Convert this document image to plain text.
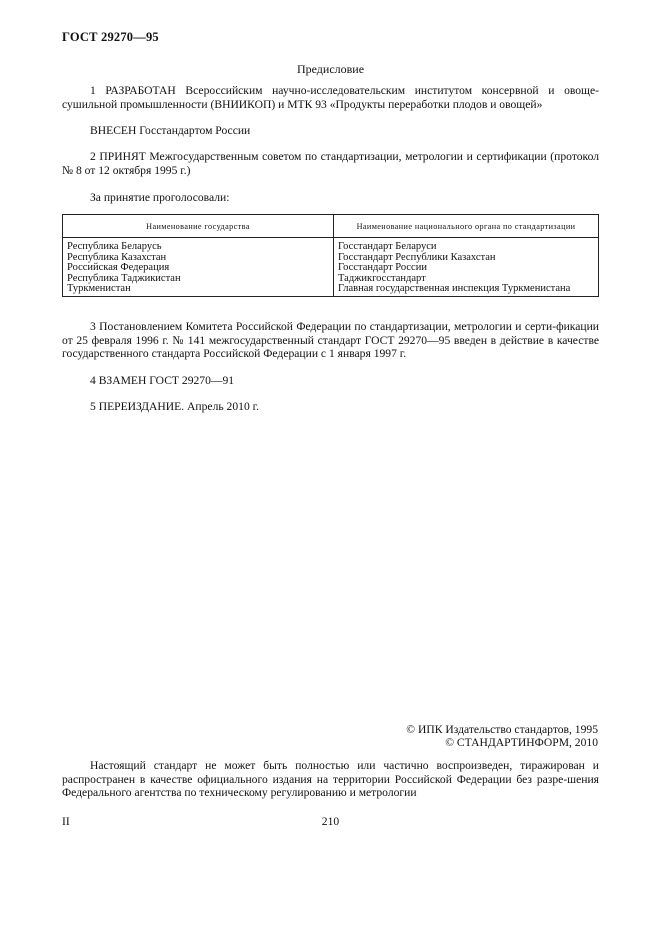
ГОСТ 29270—95
Предисловие
1 РАЗРАБОТАН Всероссийским научно-исследовательским институтом консервной и овоще-сушильной промышленности (ВНИИКОП) и МТК 93 «Продукты переработки плодов и овощей»
ВНЕСЕН Госстандартом России
2 ПРИНЯТ Межгосударственным советом по стандартизации, метрологии и сертификации (протокол № 8 от 12 октября 1995 г.)
За принятие проголосовали:
Наименование государства	Наименование национального органа по стандартизации
Республика Беларусь	Госстандарт Беларуси
Республика Казахстан	Госстандарт Республики Казахстан
Российская Федерация	Госстандарт России
Республика Таджикистан	Таджикгосстандарт
Туркменистан	Главная государственная инспекция Туркменистана
3 Постановлением Комитета Российской Федерации по стандартизации, метрологии и серти-фикации от 25 февраля 1996 г. № 141 межгосударственный стандарт ГОСТ 29270—95 введен в действие в качестве государственного стандарта Российской Федерации с 1 января 1997 г.
4 ВЗАМЕН ГОСТ 29270—91
5 ПЕРЕИЗДАНИЕ. Апрель 2010 г.
© ИПК Издательство стандартов, 1995
© СТАНДАРТИНФОРМ, 2010
Настоящий стандарт не может быть полностью или частично воспроизведен, тиражирован и распространен в качестве официального издания на территории Российской Федерации без разре-шения Федерального агентства по техническому регулированию и метрологии
II	210
